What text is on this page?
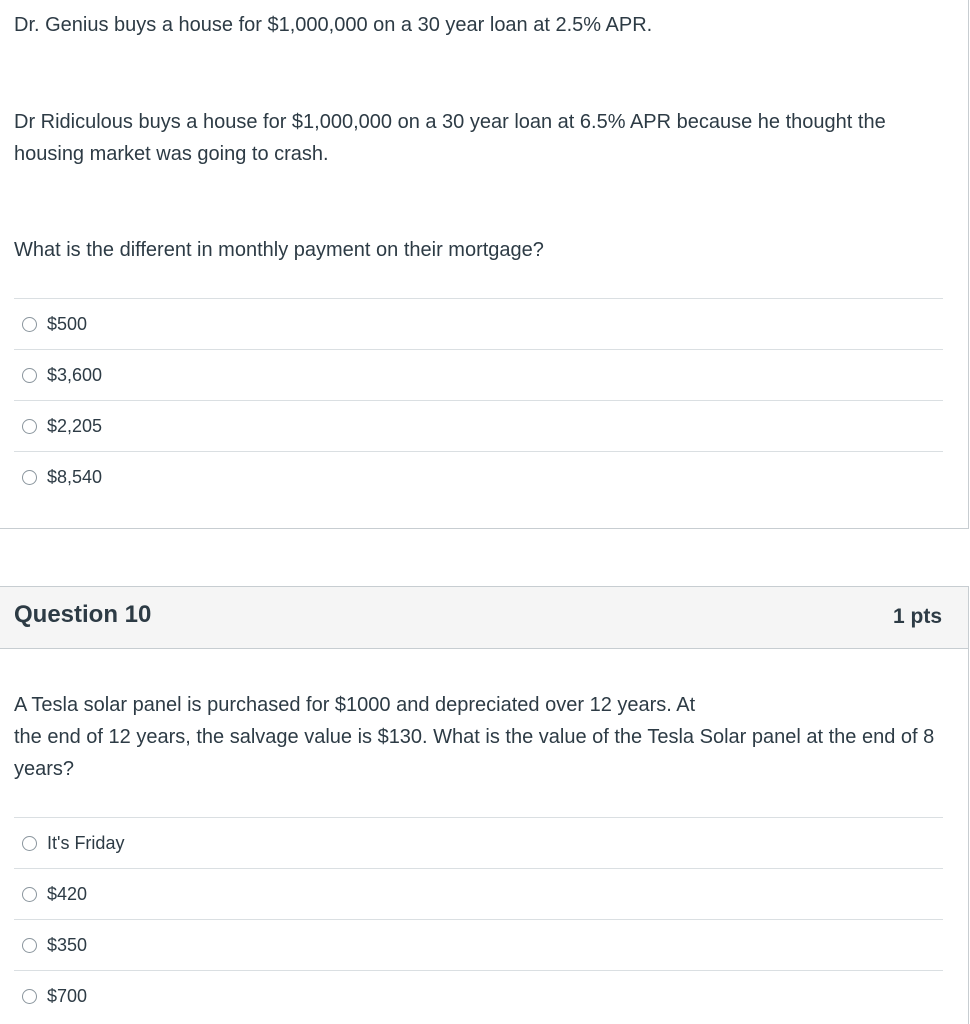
Dr. Genius buys a house for $1,000,000 on a 30 year loan at 2.5% APR.

Dr Ridiculous buys a house for $1,000,000 on a 30 year loan at 6.5% APR because he thought the housing market was going to crash.

What is the different in monthly payment on their mortgage?

$500
$3,600
$2,205
$8,540
Question 10	1 pts

A Tesla solar panel is purchased for $1000 and depreciated over 12 years. At

the end of 12 years, the salvage value is $130. What is the value of the Tesla Solar panel at the end of 8 years?

It's Friday
$420
$350
$700
